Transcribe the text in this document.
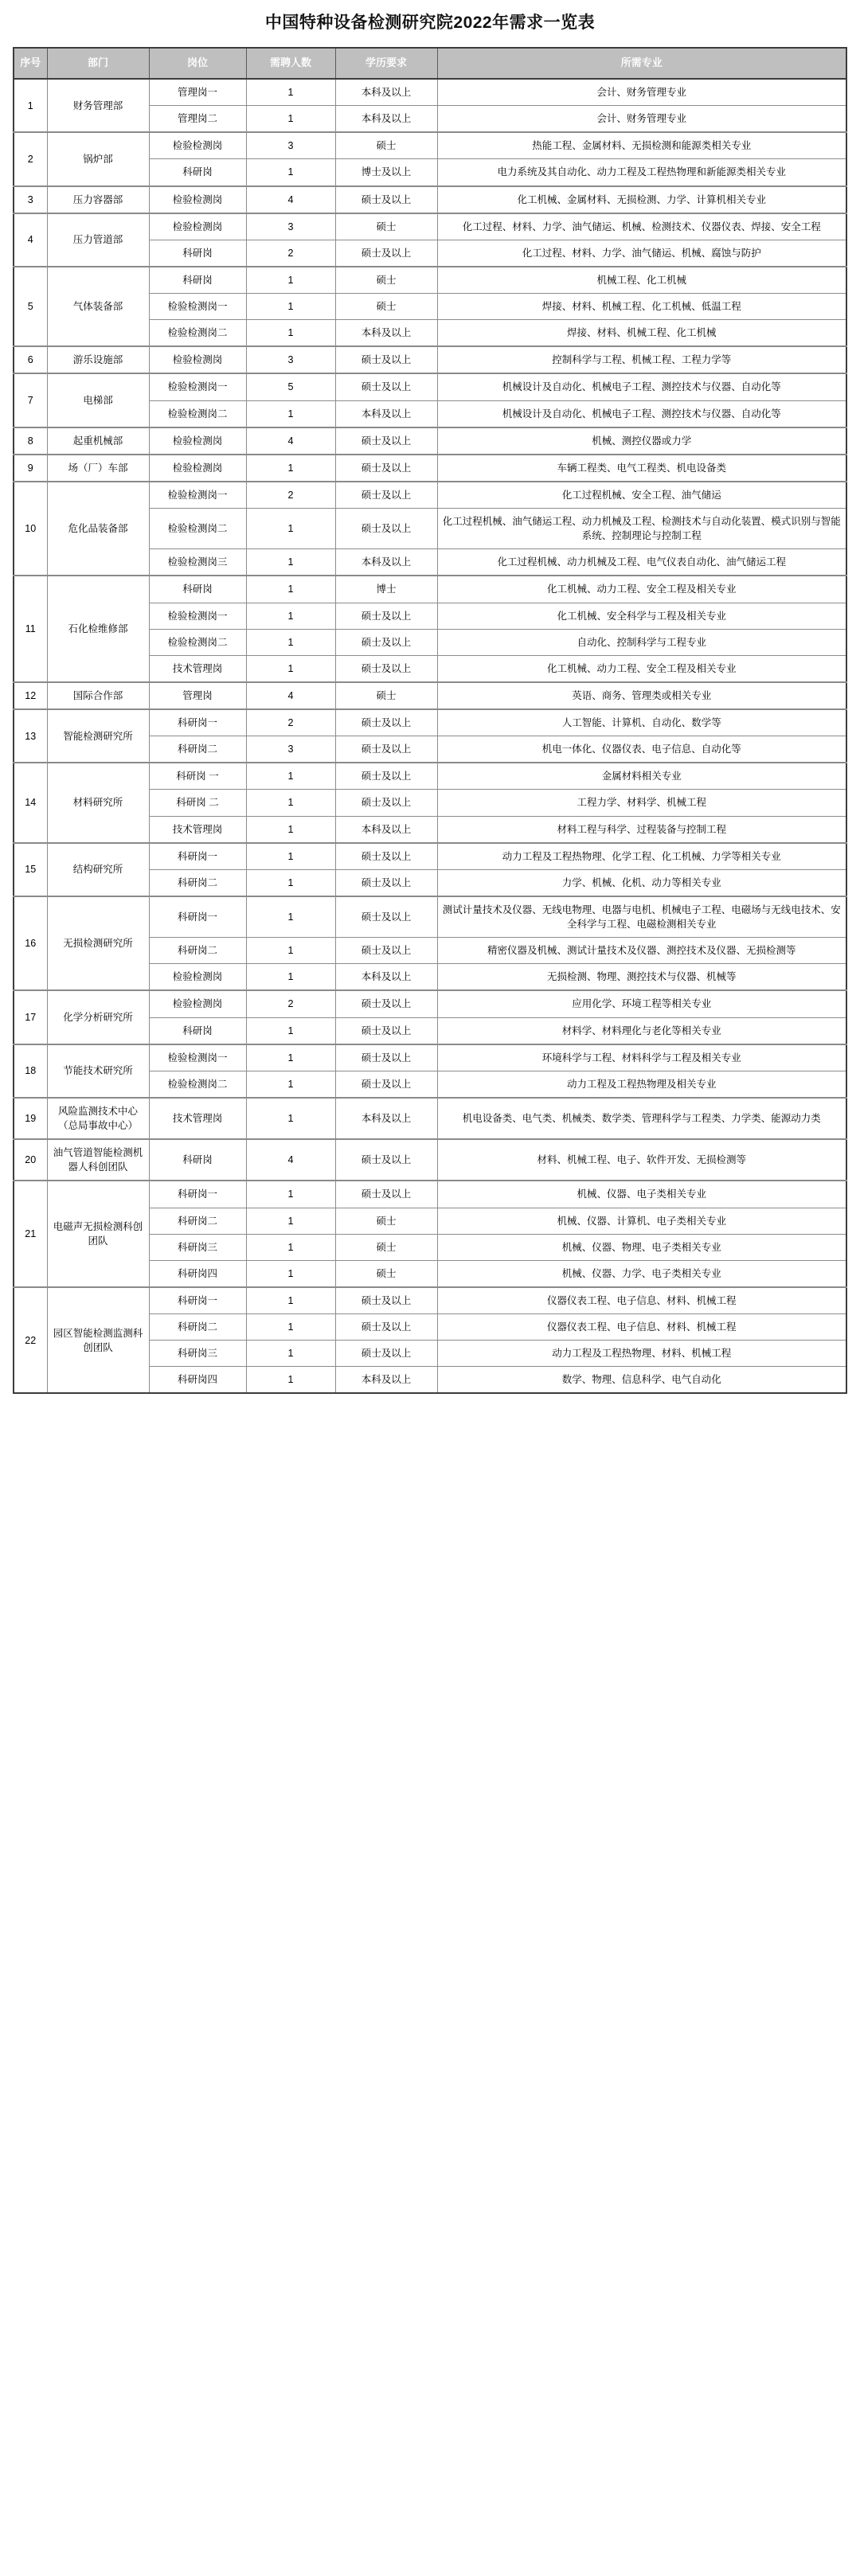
中国特种设备检测研究院2022年需求一览表
序号	部门	岗位	需聘人数	学历要求	所需专业
1	财务管理部	管理岗一	1	本科及以上	会计、财务管理专业
		管理岗二	1	本科及以上	会计、财务管理专业
2	锅炉部	检验检测岗	3	硕士	热能工程、金属材料、无损检测和能源类相关专业
		科研岗	1	博士及以上	电力系统及其自动化、动力工程及工程热物理和新能源类相关专业
3	压力容器部	检验检测岗	4	硕士及以上	化工机械、金属材料、无损检测、力学、计算机相关专业
4	压力管道部	检验检测岗	3	硕士	化工过程、材料、力学、油气储运、机械、检测技术、仪器仪表、焊接、安全工程
		科研岗	2	硕士及以上	化工过程、材料、力学、油气储运、机械、腐蚀与防护
5	气体装备部	科研岗	1	硕士	机械工程、化工机械
		检验检测岗一	1	硕士	焊接、材料、机械工程、化工机械、低温工程
		检验检测岗二	1	本科及以上	焊接、材料、机械工程、化工机械
6	游乐设施部	检验检测岗	3	硕士及以上	控制科学与工程、机械工程、工程力学等
7	电梯部	检验检测岗一	5	硕士及以上	机械设计及自动化、机械电子工程、测控技术与仪器、自动化等
		检验检测岗二	1	本科及以上	机械设计及自动化、机械电子工程、测控技术与仪器、自动化等
8	起重机械部	检验检测岗	4	硕士及以上	机械、测控仪器或力学
9	场（厂）车部	检验检测岗	1	硕士及以上	车辆工程类、电气工程类、机电设备类
10	危化品装备部	检验检测岗一	2	硕士及以上	化工过程机械、安全工程、油气储运
		检验检测岗二	1	硕士及以上	化工过程机械、油气储运工程、动力机械及工程、检测技术与自动化装置、模式识别与智能系统、控制理论与控制工程
		检验检测岗三	1	本科及以上	化工过程机械、动力机械及工程、电气仪表自动化、油气储运工程
11	石化检维修部	科研岗	1	博士	化工机械、动力工程、安全工程及相关专业
		检验检测岗一	1	硕士及以上	化工机械、安全科学与工程及相关专业
		检验检测岗二	1	硕士及以上	自动化、控制科学与工程专业
		技术管理岗	1	硕士及以上	化工机械、动力工程、安全工程及相关专业
12	国际合作部	管理岗	4	硕士	英语、商务、管理类或相关专业
13	智能检测研究所	科研岗一	2	硕士及以上	人工智能、计算机、自动化、数学等
		科研岗二	3	硕士及以上	机电一体化、仪器仪表、电子信息、自动化等
14	材料研究所	科研岗 一	1	硕士及以上	金属材料相关专业
		科研岗 二	1	硕士及以上	工程力学、材料学、机械工程
		技术管理岗	1	本科及以上	材料工程与科学、过程装备与控制工程
15	结构研究所	科研岗一	1	硕士及以上	动力工程及工程热物理、化学工程、化工机械、力学等相关专业
		科研岗二	1	硕士及以上	力学、机械、化机、动力等相关专业
16	无损检测研究所	科研岗一	1	硕士及以上	测试计量技术及仪器、无线电物理、电器与电机、机械电子工程、电磁场与无线电技术、安全科学与工程、电磁检测相关专业
		科研岗二	1	硕士及以上	精密仪器及机械、测试计量技术及仪器、测控技术及仪器、无损检测等
		检验检测岗	1	本科及以上	无损检测、物理、测控技术与仪器、机械等
17	化学分析研究所	检验检测岗	2	硕士及以上	应用化学、环境工程等相关专业
		科研岗	1	硕士及以上	材料学、材料理化与老化等相关专业
18	节能技术研究所	检验检测岗一	1	硕士及以上	环境科学与工程、材料科学与工程及相关专业
		检验检测岗二	1	硕士及以上	动力工程及工程热物理及相关专业
19	风险监测技术中心（总局事故中心）	技术管理岗	1	本科及以上	机电设备类、电气类、机械类、数学类、管理科学与工程类、力学类、能源动力类
20	油气管道智能检测机器人科创团队	科研岗	4	硕士及以上	材料、机械工程、电子、软件开发、无损检测等
21	电磁声无损检测科创团队	科研岗一	1	硕士及以上	机械、仪器、电子类相关专业
		科研岗二	1	硕士	机械、仪器、计算机、电子类相关专业
		科研岗三	1	硕士	机械、仪器、物理、电子类相关专业
		科研岗四	1	硕士	机械、仪器、力学、电子类相关专业
22	园区智能检测监测科创团队	科研岗一	1	硕士及以上	仪器仪表工程、电子信息、材料、机械工程
		科研岗二	1	硕士及以上	仪器仪表工程、电子信息、材料、机械工程
		科研岗三	1	硕士及以上	动力工程及工程热物理、材料、机械工程
		科研岗四	1	本科及以上	数学、物理、信息科学、电气自动化
